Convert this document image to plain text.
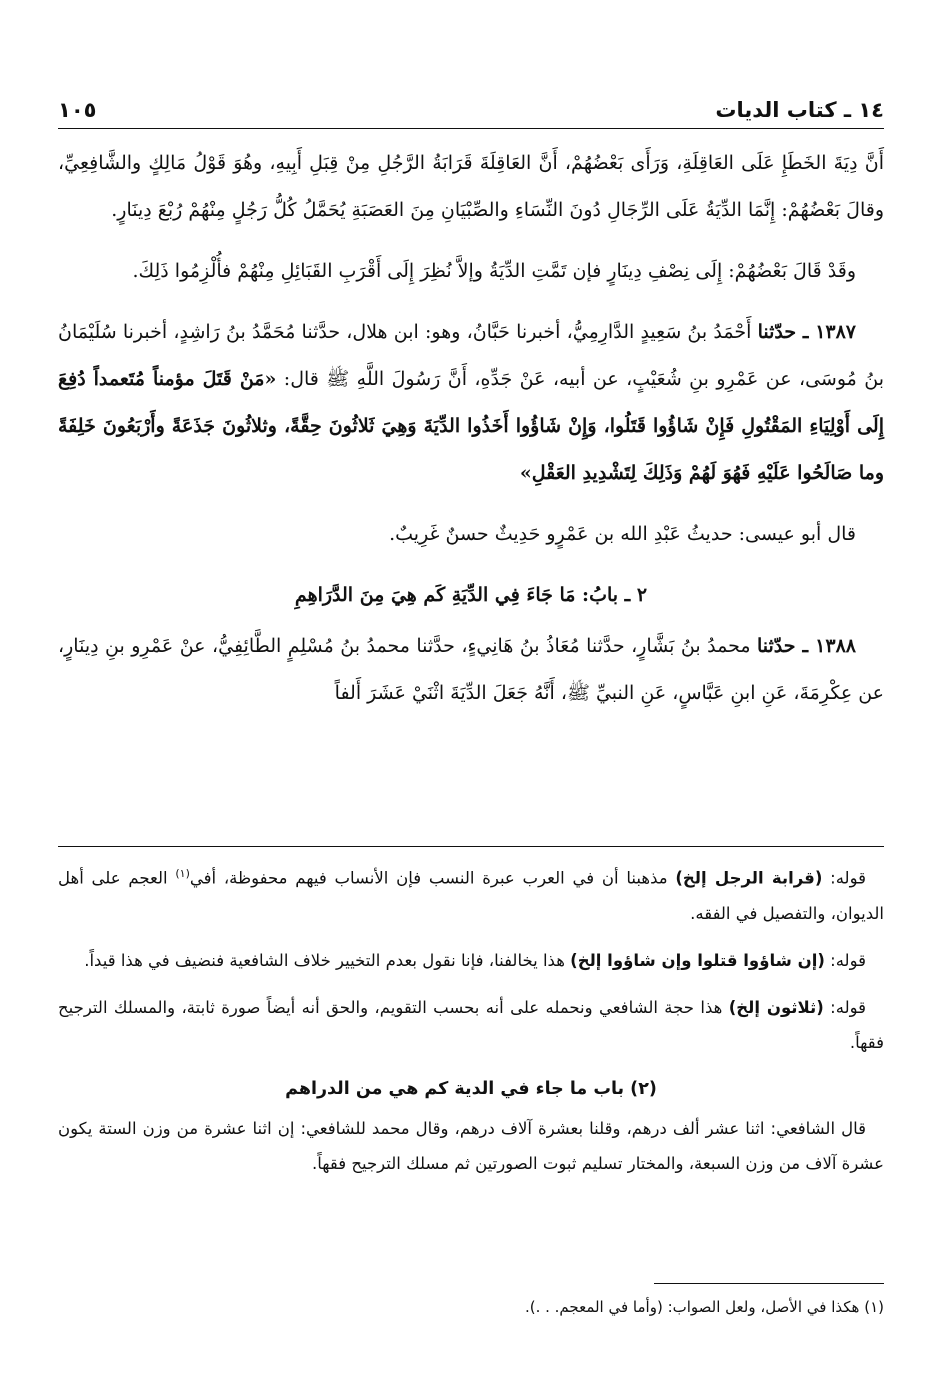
١٤ ـ كتاب الديات
١٠٥

أَنَّ دِيَةَ الخَطَإِ عَلَى العَاقِلَةِ، وَرَأَى بَعْضُهُمْ، أَنَّ العَاقِلَةَ قَرَابَةُ الرَّجُلِ مِنْ قِبَلِ أَبِيهِ، وهُوَ قَوْلُ مَالِكٍ والشَّافِعِيِّ، وقالَ بَعْضُهُمْ: إِنَّمَا الدِّيَةُ عَلَى الرِّجَالِ دُونَ النِّسَاءِ والصِّبْيَانِ مِنَ العَصَبَةِ يُحَمَّلُ كُلُّ رَجُلٍ مِنْهُمْ رُبْعَ دِينَارٍ.

وقَدْ قَالَ بَعْضُهُمْ: إِلَى نِصْفِ دِينَارٍ فإن تَمَّتِ الدِّيَةُ وإلاَّ نُظِرَ إِلَى أَقْرَبِ القَبَائِلِ مِنْهُمْ فأُلْزِمُوا ذَلِكَ.

١٣٨٧ ـ حدّثنا أَحْمَدُ بنُ سَعِيدٍ الدَّارِمِيُّ، أخبرنا حَبَّانُ، وهو: ابن هلال، حدَّثنا مُحَمَّدُ بنُ رَاشِدٍ، أخبرنا سُلَيْمَانُ بنُ مُوسَى، عن عَمْرِو بنِ شُعَيْبٍ، عن أبيه، عَنْ جَدِّهِ، أَنَّ رَسُولَ اللَّهِ ﷺ قال: «مَنْ قَتَلَ مؤمناً مُتَعمداً دُفِعَ إِلَى أَوْلِيَاءِ المَقْتُولِ فَإِنْ شَاؤُوا قَتَلُوا، وَإِنْ شَاؤُوا أَخَذُوا الدِّيَةَ وَهِيَ ثَلاثُونَ حِقَّةً، وثلاثُونَ جَذَعَةً وأَرْبَعُونَ خَلِفَةً وما صَالَحُوا عَلَيْهِ فَهُوَ لَهُمْ وَذَلِكَ لِتَشْدِيدِ العَقْلِ»

قال أبو عيسى: حديثُ عَبْدِ الله بن عَمْرٍو حَدِيثٌ حسنٌ غَرِيبٌ.

٢ ـ بابُ: مَا جَاءَ فِي الدِّيَةِ كَم هِيَ مِنَ الدَّرَاهِمِ

١٣٨٨ ـ حدّثنا محمدُ بنُ بَشَّارٍ، حدَّثنا مُعَاذُ بنُ هَانِيءٍ، حدَّثنا محمدُ بنُ مُسْلِمٍ الطَّائِفِيُّ، عنْ عَمْرِو بنِ دِينَارٍ، عن عِكْرِمَةَ، عَنِ ابنِ عَبَّاسٍ، عَنِ النبيِّ ﷺ، أَنَّهُ جَعَلَ الدِّيَةَ اثْنَيْ عَشَرَ أَلفاً

قوله: (قرابة الرجل إلخ) مذهبنا أن في العرب عبرة النسب فإن الأنساب فيهم محفوظة، أفي$^{(١)}$ العجم على أهل الديوان، والتفصيل في الفقه.

قوله: (إن شاؤوا قتلوا وإن شاؤوا إلخ) هذا يخالفنا، فإنا نقول بعدم التخيير خلاف الشافعية فنضيف في هذا قيداً.

قوله: (ثلاثون إلخ) هذا حجة الشافعي ونحمله على أنه بحسب التقويم، والحق أنه أيضاً صورة ثابتة، والمسلك الترجيح فقهاً.

(٢) باب ما جاء في الدية كم هي من الدراهم

قال الشافعي: اثنا عشر ألف درهم، وقلنا بعشرة آلاف درهم، وقال محمد للشافعي: إن اثنا عشرة من وزن الستة يكون عشرة آلاف من وزن السبعة، والمختار تسليم ثبوت الصورتين ثم مسلك الترجيح فقهاً.

(١) هكذا في الأصل، ولعل الصواب: (وأما في المعجم. . .).
